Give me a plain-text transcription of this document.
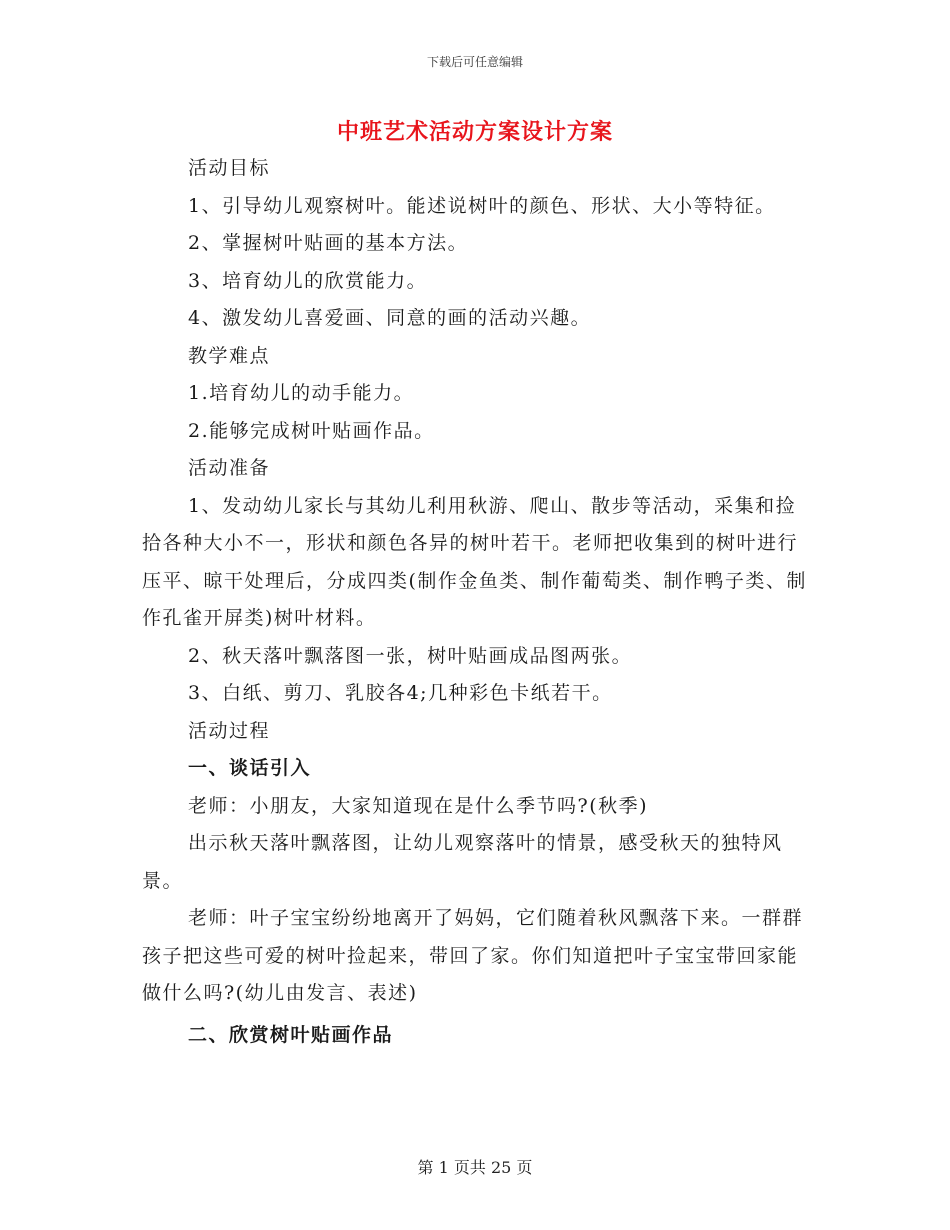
下载后可任意编辑
中班艺术活动方案设计方案

活动目标

1、引导幼儿观察树叶。能述说树叶的颜色、形状、大小等特征。

2、掌握树叶贴画的基本方法。

3、培育幼儿的欣赏能力。

4、激发幼儿喜爱画、同意的画的活动兴趣。

教学难点

1.培育幼儿的动手能力。

2.能够完成树叶贴画作品。

活动准备

1、发动幼儿家长与其幼儿利用秋游、爬山、散步等活动，采集和捡拾各种大小不一，形状和颜色各异的树叶若干。老师把收集到的树叶进行压平、晾干处理后，分成四类(制作金鱼类、制作葡萄类、制作鸭子类、制作孔雀开屏类)树叶材料。

2、秋天落叶飘落图一张，树叶贴画成品图两张。

3、白纸、剪刀、乳胶各4;几种彩色卡纸若干。

活动过程

一、谈话引入

老师：小朋友，大家知道现在是什么季节吗?(秋季)

出示秋天落叶飘落图，让幼儿观察落叶的情景，感受秋天的独特风景。

老师：叶子宝宝纷纷地离开了妈妈，它们随着秋风飘落下来。一群群孩子把这些可爱的树叶捡起来，带回了家。你们知道把叶子宝宝带回家能做什么吗?(幼儿由发言、表述)

二、欣赏树叶贴画作品

第 1 页共 25 页
